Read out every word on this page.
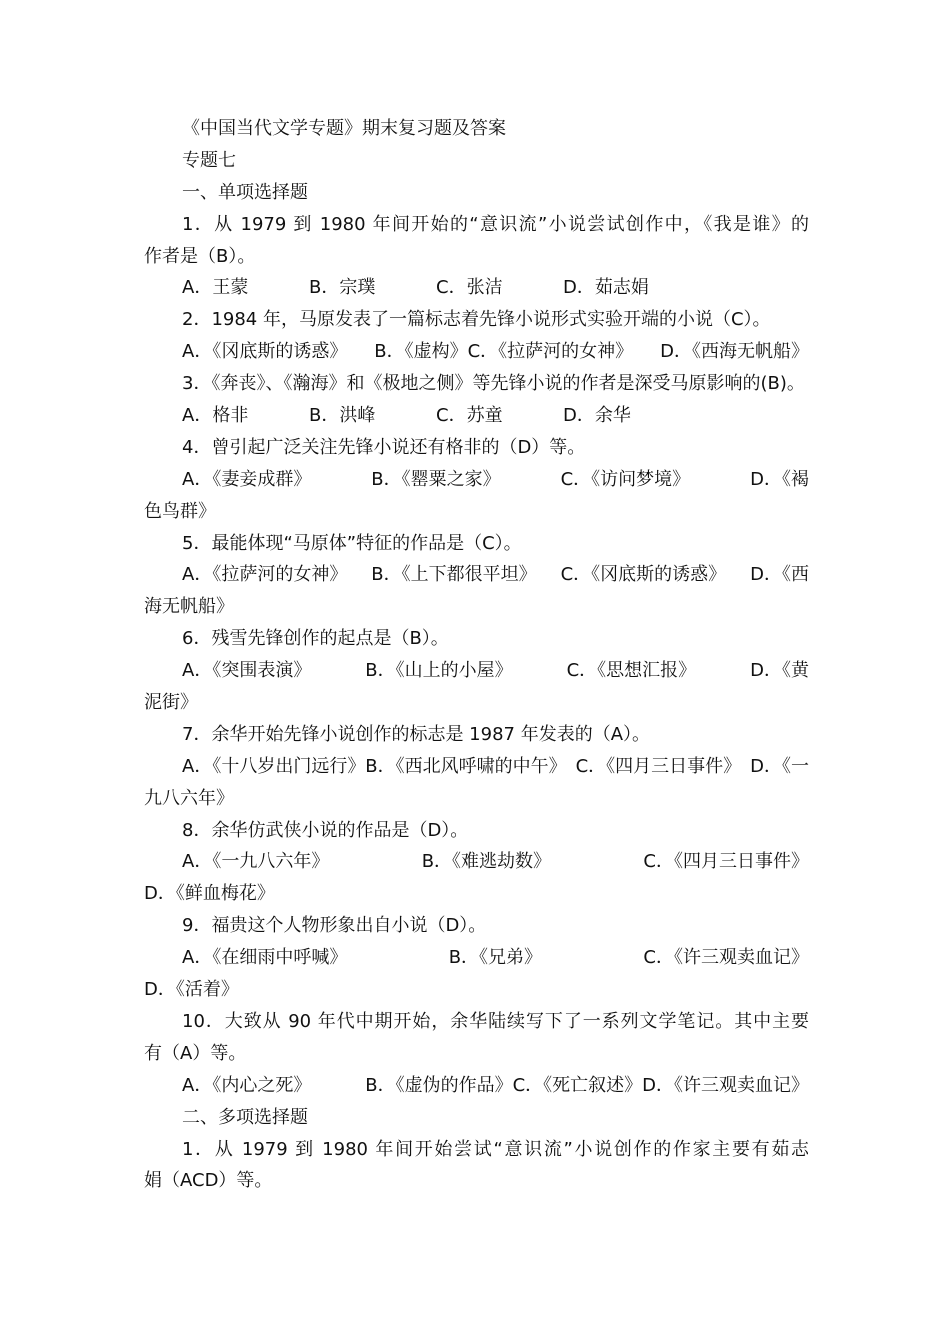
《中国当代文学专题》期末复习题及答案
专题七
一、单项选择题
1．从 1979 到 1980 年间开始的“意识流”小说尝试创作中，《我是谁》的
作者是（B）。
A．王蒙	B．宗璞	C．张洁	D．茹志娟
2．1984 年，马原发表了一篇标志着先锋小说形式实验开端的小说（C）。
A．《冈底斯的诱惑》 B．《虚构》C．《拉萨河的女神》 D．《西海无帆船》
3．《奔丧》、《瀚海》和《极地之侧》等先锋小说的作者是深受马原影响的(B)。
A．格非	B．洪峰	C．苏童	D．余华
4．曾引起广泛关注先锋小说还有格非的（D）等。
A．《妻妾成群》	B．《罂粟之家》	C．《访问梦境》	D．《褐
色鸟群》
5．最能体现“马原体”特征的作品是（C）。
A．《拉萨河的女神》 B．《上下都很平坦》 C．《冈底斯的诱惑》 D．《西
海无帆船》
6．残雪先锋创作的起点是（B）。
A．《突围表演》	B．《山上的小屋》	C．《思想汇报》	D．《黄
泥街》
7．余华开始先锋小说创作的标志是 1987 年发表的（A）。
A．《十八岁出门远行》B．《西北风呼啸的中午》 C．《四月三日事件》 D．《一
九八六年》
8．余华仿武侠小说的作品是（D）。
A．《一九八六年》	B．《难逃劫数》	C．《四月三日事件》
D．《鲜血梅花》
9．福贵这个人物形象出自小说（D）。
A．《在细雨中呼喊》	B．《兄弟》	C．《许三观卖血记》
D．《活着》
10．大致从 90 年代中期开始，余华陆续写下了一系列文学笔记。其中主要
有（A）等。
A．《内心之死》	B．《虚伪的作品》C．《死亡叙述》D．《许三观卖血记》
二、多项选择题
1．从 1979 到 1980 年间开始尝试“意识流”小说创作的作家主要有茹志
娟（ACD）等。
